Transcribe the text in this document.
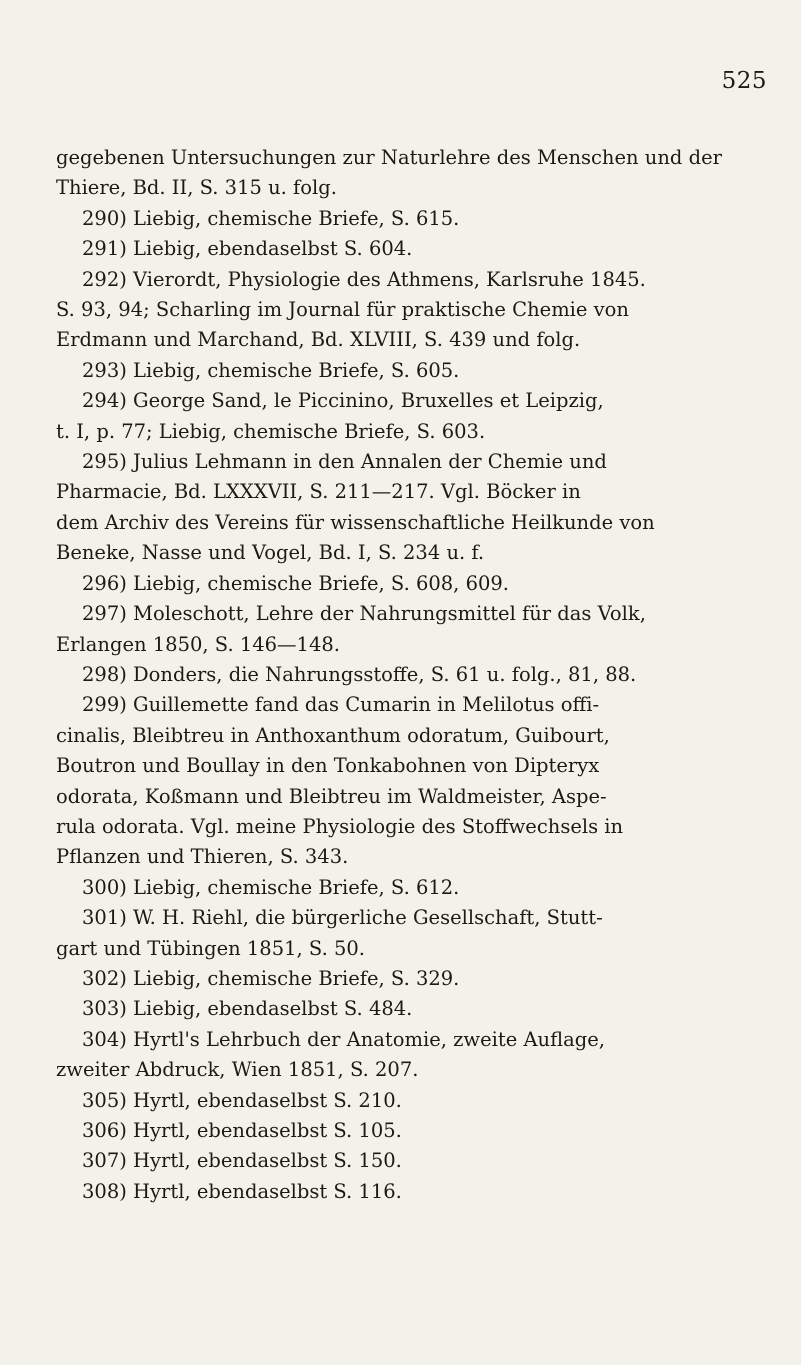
525

gegebenen Untersuchungen zur Naturlehre des Menschen und der

Thiere, Bd. II, S. 315 u. folg.

290) Liebig, chemische Briefe, S. 615.

291) Liebig, ebendaselbst S. 604.

292) Vierordt, Physiologie des Athmens, Karlsruhe 1845.

S. 93, 94; Scharling im Journal für praktische Chemie von

Erdmann und Marchand, Bd. XLVIII, S. 439 und folg.

293) Liebig, chemische Briefe, S. 605.

294) George Sand, le Piccinino, Bruxelles et Leipzig,

t. I, p. 77; Liebig, chemische Briefe, S. 603.

295) Julius Lehmann in den Annalen der Chemie und

Pharmacie, Bd. LXXXVII, S. 211—217. Vgl. Böcker in

dem Archiv des Vereins für wissenschaftliche Heilkunde von

Beneke, Nasse und Vogel, Bd. I, S. 234 u. f.

296) Liebig, chemische Briefe, S. 608, 609.

297) Moleschott, Lehre der Nahrungsmittel für das Volk,

Erlangen 1850, S. 146—148.

298) Donders, die Nahrungsstoffe, S. 61 u. folg., 81, 88.

299) Guillemette fand das Cumarin in Melilotus offi-

cinalis, Bleibtreu in Anthoxanthum odoratum, Guibourt,

Boutron und Boullay in den Tonkabohnen von Dipteryx

odorata, Koßmann und Bleibtreu im Waldmeister, Aspe-

rula odorata. Vgl. meine Physiologie des Stoffwechsels in

Pflanzen und Thieren, S. 343.

300) Liebig, chemische Briefe, S. 612.

301) W. H. Riehl, die bürgerliche Gesellschaft, Stutt-

gart und Tübingen 1851, S. 50.

302) Liebig, chemische Briefe, S. 329.

303) Liebig, ebendaselbst S. 484.

304) Hyrtl's Lehrbuch der Anatomie, zweite Auflage,

zweiter Abdruck, Wien 1851, S. 207.

305) Hyrtl, ebendaselbst S. 210.

306) Hyrtl, ebendaselbst S. 105.

307) Hyrtl, ebendaselbst S. 150.

308) Hyrtl, ebendaselbst S. 116.
